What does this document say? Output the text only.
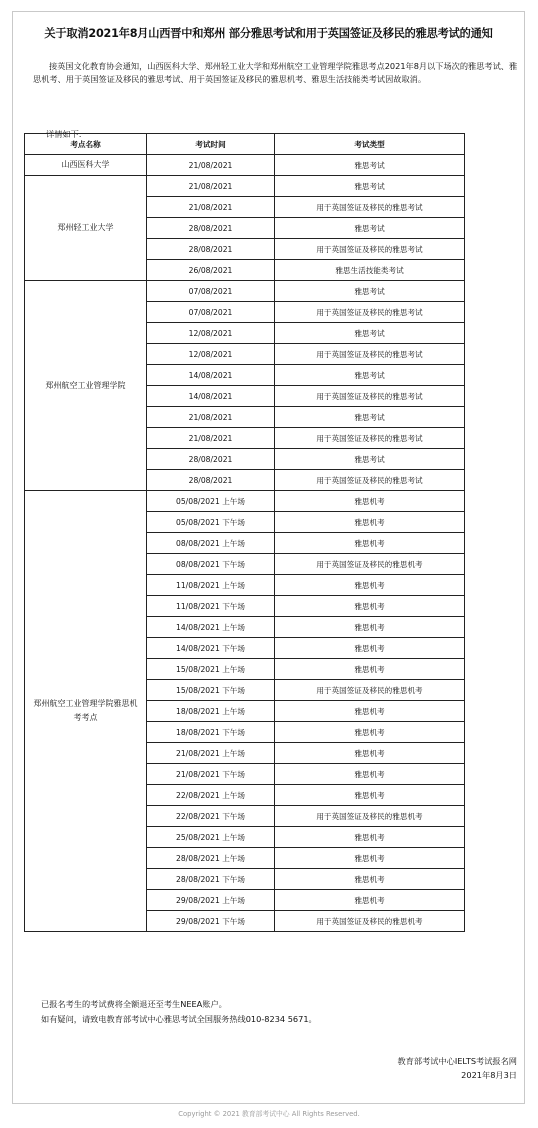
关于取消2021年8月山西晋中和郑州 部分雅思考试和用于英国签证及移民的雅思考试的通知
接英国文化教育协会通知，山西医科大学、郑州轻工业大学和郑州航空工业管理学院雅思考点2021年8月以下场次的雅思考试、雅思机考、用于英国签证及移民的雅思考试、用于英国签证及移民的雅思机考、雅思生活技能类考试因故取消。
详情如下:
考点名称	考试时间	考试类型
山西医科大学	21/08/2021	雅思考试
郑州轻工业大学	21/08/2021	雅思考试
	21/08/2021	用于英国签证及移民的雅思考试
	28/08/2021	雅思考试
	28/08/2021	用于英国签证及移民的雅思考试
	26/08/2021	雅思生活技能类考试
郑州航空工业管理学院	07/08/2021	雅思考试
	07/08/2021	用于英国签证及移民的雅思考试
	12/08/2021	雅思考试
	12/08/2021	用于英国签证及移民的雅思考试
	14/08/2021	雅思考试
	14/08/2021	用于英国签证及移民的雅思考试
	21/08/2021	雅思考试
	21/08/2021	用于英国签证及移民的雅思考试
	28/08/2021	雅思考试
	28/08/2021	用于英国签证及移民的雅思考试
郑州航空工业管理学院雅思机考考点	05/08/2021 上午场	雅思机考
	05/08/2021 下午场	雅思机考
	08/08/2021 上午场	雅思机考
	08/08/2021 下午场	用于英国签证及移民的雅思机考
	11/08/2021 上午场	雅思机考
	11/08/2021 下午场	雅思机考
	14/08/2021 上午场	雅思机考
	14/08/2021 下午场	雅思机考
	15/08/2021 上午场	雅思机考
	15/08/2021 下午场	用于英国签证及移民的雅思机考
	18/08/2021 上午场	雅思机考
	18/08/2021 下午场	雅思机考
	21/08/2021 上午场	雅思机考
	21/08/2021 下午场	雅思机考
	22/08/2021 上午场	雅思机考
	22/08/2021 下午场	用于英国签证及移民的雅思机考
	25/08/2021 上午场	雅思机考
	28/08/2021 上午场	雅思机考
	28/08/2021 下午场	雅思机考
	29/08/2021 上午场	雅思机考
	29/08/2021 下午场	用于英国签证及移民的雅思机考
已报名考生的考试费将全额退还至考生NEEA账户。
如有疑问，请致电教育部考试中心雅思考试全国服务热线010-8234 5671。
教育部考试中心IELTS考试报名网
2021年8月3日
Copyright © 2021 教育部考试中心 All Rights Reserved.
